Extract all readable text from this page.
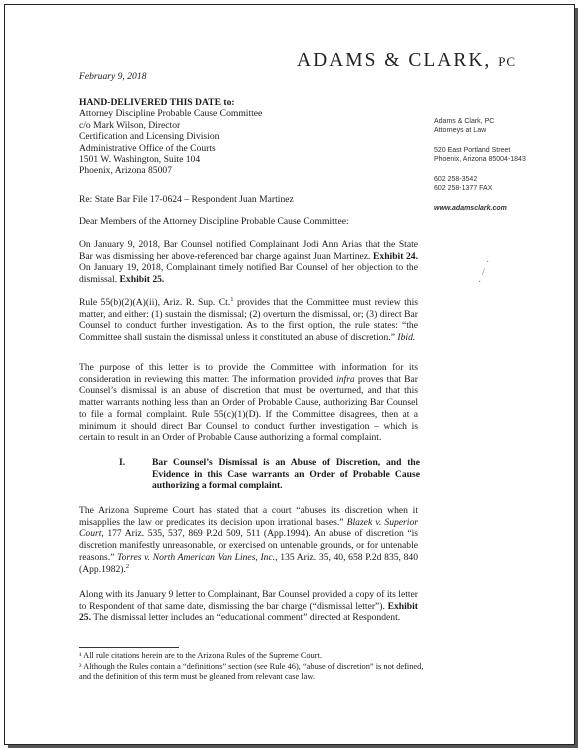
ADAMS & CLARK, PC
Adams & Clark, PC
Attorneys at Law
520 East Portland Street
Phoenix, Arizona 85004-1843
602 258-3542
602 258-1377 FAX
www.adamsclark.com
·
/
·
February 9, 2018
HAND-DELIVERED THIS DATE to:
Attorney Discipline Probable Cause Committee
c/o Mark Wilson, Director
Certification and Licensing Division
Administrative Office of the Courts
1501 W. Washington, Suite 104
Phoenix, Arizona 85007
Re: State Bar File 17-0624 – Respondent Juan Martinez
Dear Members of the Attorney Discipline Probable Cause Committee:

On January 9, 2018, Bar Counsel notified Complainant Jodi Ann Arias that the State Bar was dismissing her above-referenced bar charge against Juan Martinez. Exhibit 24. On January 19, 2018, Complainant timely notified Bar Counsel of her objection to the dismissal. Exhibit 25.

Rule 55(b)(2)(A)(ii), Ariz. R. Sup. Ct.$^1$ provides that the Committee must review this matter, and either: (1) sustain the dismissal; (2) overturn the dismissal, or; (3) direct Bar Counsel to conduct further investigation. As to the first option, the rule states: “the Committee shall sustain the dismissal unless it constituted an abuse of discretion.” Ibid.

The purpose of this letter is to provide the Committee with information for its consideration in reviewing this matter. The information provided infra proves that Bar Counsel’s dismissal is an abuse of discretion that must be overturned, and that this matter warrants nothing less than an Order of Probable Cause, authorizing Bar Counsel to file a formal complaint. Rule 55(c)(1)(D). If the Committee disagrees, then at a minimum it should direct Bar Counsel to conduct further investigation – which is certain to result in an Order of Probable Cause authorizing a formal complaint.

I.	Bar Counsel’s Dismissal is an Abuse of Discretion, and the Evidence in this Case warrants an Order of Probable Cause authorizing a formal complaint.

The Arizona Supreme Court has stated that a court “abuses its discretion when it misapplies the law or predicates its decision upon irrational bases.” Blazek v. Superior Court, 177 Ariz. 535, 537, 869 P.2d 509, 511 (App.1994). An abuse of discretion “is discretion manifestly unreasonable, or exercised on untenable grounds, or for untenable reasons.” Torres v. North American Van Lines, Inc., 135 Ariz. 35, 40, 658 P.2d 835, 840 (App.1982).$^2$

Along with its January 9 letter to Complainant, Bar Counsel provided a copy of its letter to Respondent of that same date, dismissing the bar charge (“dismissal letter”). Exhibit 25. The dismissal letter includes an “educational comment” directed at Respondent.

¹ All rule citations herein are to the Arizona Rules of the Supreme Court.
² Although the Rules contain a “definitions” section (see Rule 46), “abuse of discretion” is not defined, and the definition of this term must be gleaned from relevant case law.
